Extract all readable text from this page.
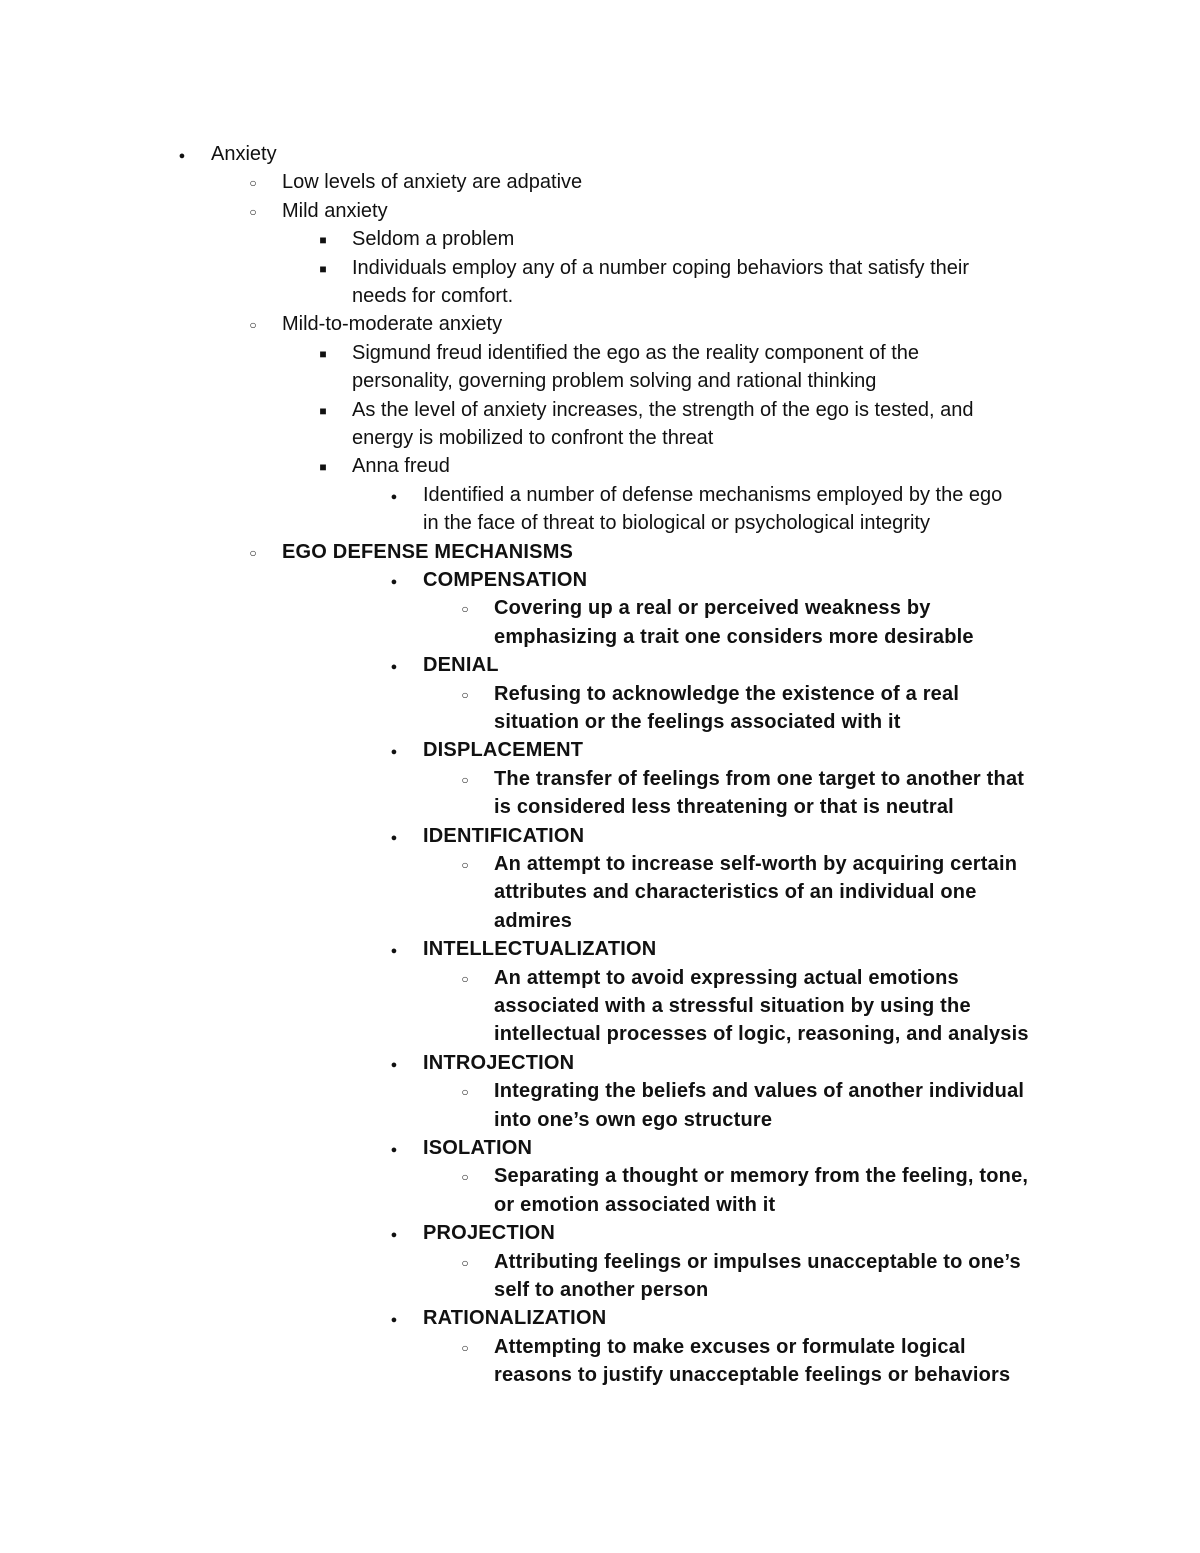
●
Anxiety
○
Low levels of anxiety are adpative
○
Mild anxiety
■
Seldom a problem
■
Individuals employ any of a number coping behaviors that satisfy their
needs for comfort.
○
Mild-to-moderate anxiety
■
Sigmund freud identified the ego as the reality component of the
personality, governing problem solving and rational thinking
■
As the level of anxiety increases, the strength of the ego is tested, and
energy is mobilized to confront the threat
■
Anna freud
●
Identified a number of defense mechanisms employed by the ego
in the face of threat to biological or psychological integrity
○
EGO DEFENSE MECHANISMS
●
COMPENSATION
○
Covering up a real or perceived weakness by
emphasizing a trait one considers more desirable
●
DENIAL
○
Refusing to acknowledge the existence of a real
situation or the feelings associated with it
●
DISPLACEMENT
○
The transfer of feelings from one target to another that
is considered less threatening or that is neutral
●
IDENTIFICATION
○
An attempt to increase self-worth by acquiring certain
attributes and characteristics of an individual one
admires
●
INTELLECTUALIZATION
○
An attempt to avoid expressing actual emotions
associated with a stressful situation by using the
intellectual processes of logic, reasoning, and analysis
●
INTROJECTION
○
Integrating the beliefs and values of another individual
into one’s own ego structure
●
ISOLATION
○
Separating a thought or memory from the feeling, tone,
or emotion associated with it
●
PROJECTION
○
Attributing feelings or impulses unacceptable to one’s
self to another person
●
RATIONALIZATION
○
Attempting to make excuses or formulate logical
reasons to justify unacceptable feelings or behaviors
